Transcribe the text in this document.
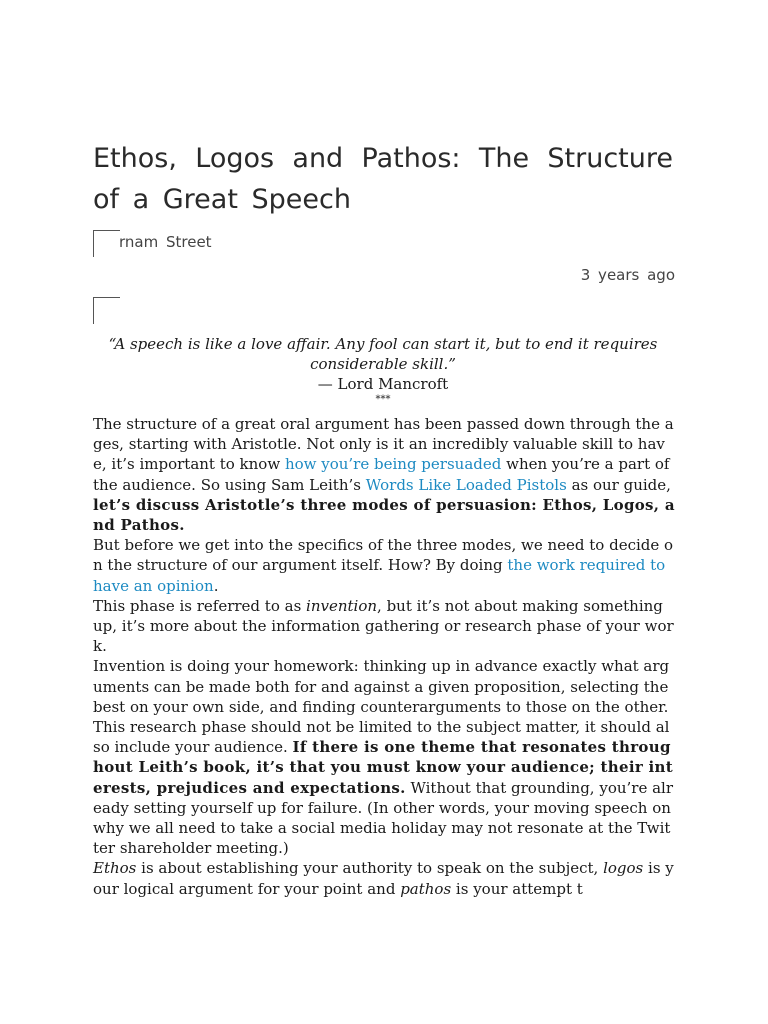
Ethos, Logos and Pathos: The Structure of a Great Speech
rnam Street
3 years ago
“A speech is like a love affair. Any fool can start it, but to end it requires considerable skill.”
— Lord Mancroft
***

The structure of a great oral argument has been passed down through the ages, starting with Aristotle. Not only is it an incredibly valuable skill to have, it’s important to know how you’re being persuaded when you’re a part of the audience. So using Sam Leith’s Words Like Loaded Pistols as our guide, let’s discuss Aristotle’s three modes of persuasion: Ethos, Logos, and Pathos.

But before we get into the specifics of the three modes, we need to decide on the structure of our argument itself. How? By doing the work required to have an opinion.

This phase is referred to as invention, but it’s not about making something up, it’s more about the information gathering or research phase of your work.

Invention is doing your homework: thinking up in advance exactly what arguments can be made both for and against a given proposition, selecting the best on your own side, and finding counterarguments to those on the other.

This research phase should not be limited to the subject matter, it should also include your audience. If there is one theme that resonates throughout Leith’s book, it’s that you must know your audience; their interests, prejudices and expectations. Without that grounding, you’re already setting yourself up for failure. (In other words, your moving speech on why we all need to take a social media holiday may not resonate at the Twitter shareholder meeting.)

Ethos is about establishing your authority to speak on the subject, logos is your logical argument for your point and pathos is your attempt t
